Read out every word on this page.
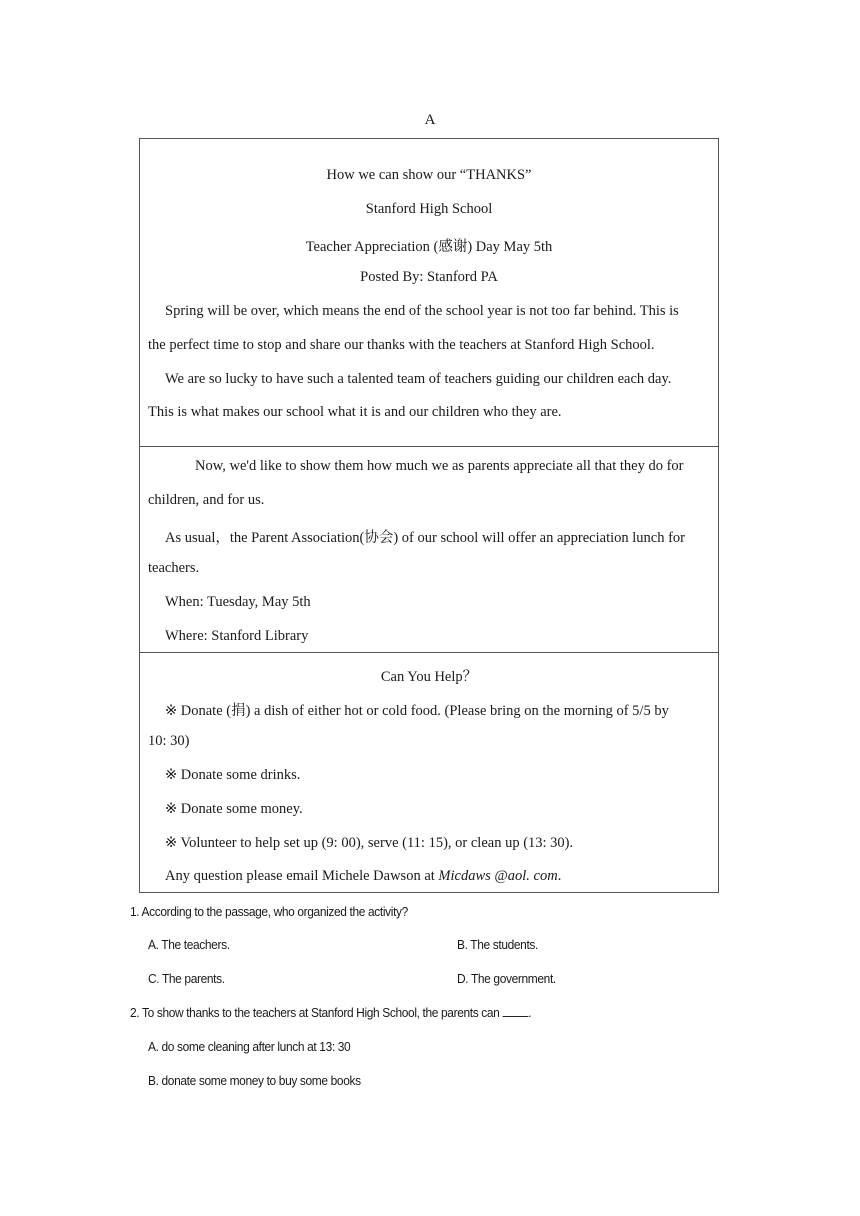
A
How we can show our “THANKS”
Stanford High School
Teacher Appreciation (感谢) Day May 5th
Posted By: Stanford PA
Spring will be over, which means the end of the school year is not too far behind. This is
the perfect time to stop and share our thanks with the teachers at Stanford High School.
We are so lucky to have such a talented team of teachers guiding our children each day.
This is what makes our school what it is and our children who they are.
Now, we'd like to show them how much we as parents appreciate all that they do for
children, and for us.
As usual，the Parent Association(协会) of our school will offer an appreciation lunch for
teachers.
When: Tuesday, May 5th
Where: Stanford Library
Can You Help？
※ Donate (捐) a dish of either hot or cold food. (Please bring on the morning of 5/5 by
10: 30)
※ Donate some drinks.
※ Donate some money.
※ Volunteer to help set up (9: 00), serve (11: 15), or clean up (13: 30).
Any question please email Michele Dawson at Micdaws @aol. com.
1. According to the passage, who organized the activity?
A. The teachers.	B. The students.
C. The parents.	D. The government.
2. To show thanks to the teachers at Stanford High School, the parents can .
A. do some cleaning after lunch at 13: 30
B. donate some money to buy some books
